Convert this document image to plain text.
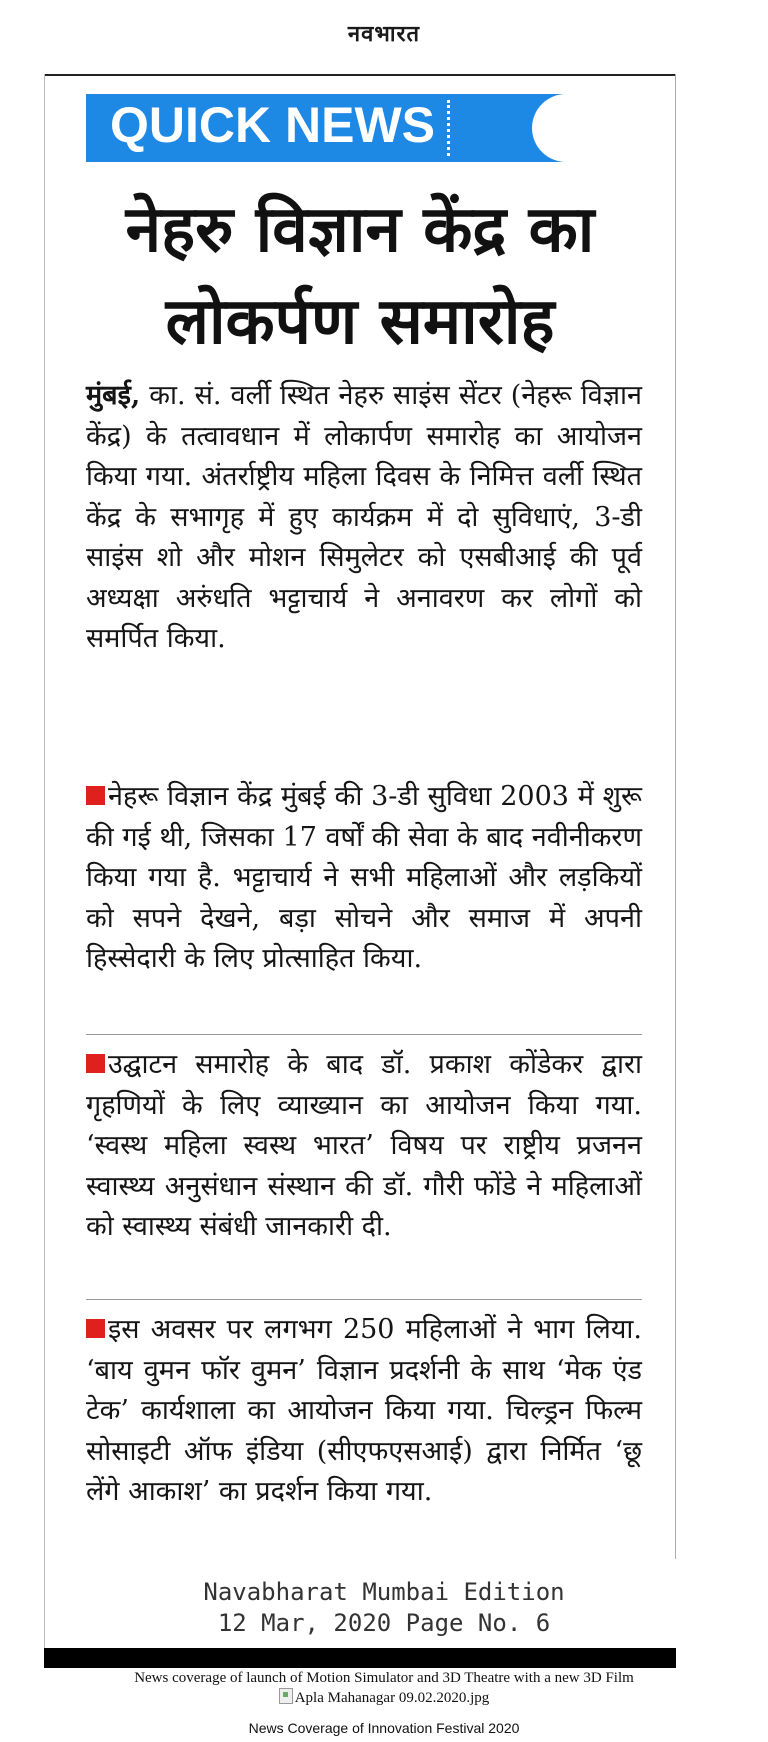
नवभारत
QUICK NEWS
नेहरु विज्ञान केंद्र का
लोकर्पण समारोह
मुंबई, का. सं. वर्ली स्थित नेहरु साइंस सेंटर (नेहरू विज्ञान केंद्र) के तत्वावधान में लोकार्पण समारोह का आयोजन किया गया. अंतर्राष्ट्रीय महिला दिवस के निमित्त वर्ली स्थित केंद्र के सभागृह में हुए कार्यक्रम में दो सुविधाएं, 3-डी साइंस शो और मोशन सिमुलेटर को एसबीआई की पूर्व अध्यक्षा अरुंधति भट्टाचार्य ने अनावरण कर लोगों को समर्पित किया.
नेहरू विज्ञान केंद्र मुंबई की 3-डी सुविधा 2003 में शुरू की गई थी, जिसका 17 वर्षों की सेवा के बाद नवीनीकरण किया गया है. भट्टाचार्य ने सभी महिलाओं और लड़कियों को सपने देखने, बड़ा सोचने और समाज में अपनी हिस्सेदारी के लिए प्रोत्साहित किया.
उद्घाटन समारोह के बाद डॉ. प्रकाश कोंडेकर द्वारा गृहणियों के लिए व्याख्यान का आयोजन किया गया. ‘स्वस्थ महिला स्वस्थ भारत’ विषय पर राष्ट्रीय प्रजनन स्वास्थ्य अनुसंधान संस्थान की डॉ. गौरी फोंडे ने महिलाओं को स्वास्थ्य संबंधी जानकारी दी.
इस अवसर पर लगभग 250 महिलाओं ने भाग लिया. ‘बाय वुमन फॉर वुमन’ विज्ञान प्रदर्शनी के साथ ‘मेक एंड टेक’ कार्यशाला का आयोजन किया गया. चिल्ड्रन फिल्म सोसाइटी ऑफ इंडिया (सीएफएसआई) द्वारा निर्मित ‘छू लेंगे आकाश’ का प्रदर्शन किया गया.
Navabharat Mumbai Edition
12 Mar, 2020 Page No. 6
News coverage of launch of Motion Simulator and 3D Theatre with a new 3D Film
Apla Mahanagar 09.02.2020.jpg
News Coverage of Innovation Festival 2020
